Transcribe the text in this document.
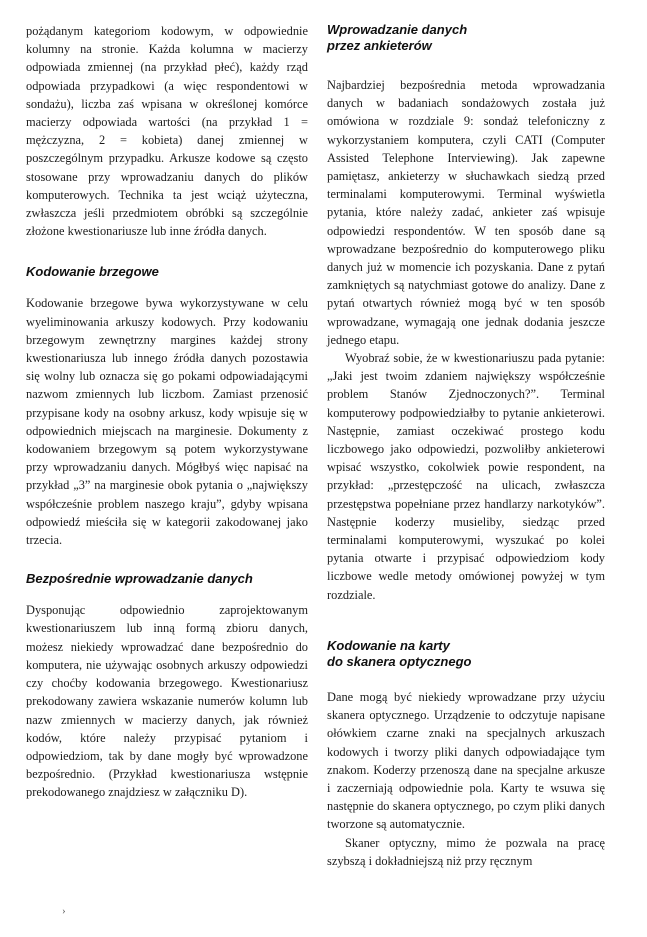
pożądanym kategoriom kodowym, w odpowiednie kolumny na stronie. Każda kolumna w macierzy odpowiada zmiennej (na przykład płeć), każdy rząd odpowiada przypadkowi (a więc respondentowi w sondażu), liczba zaś wpisana w określonej komórce macierzy odpowiada wartości (na przykład 1 = mężczyzna, 2 = kobieta) danej zmiennej w poszczególnym przypadku. Arkusze kodowe są często stosowane przy wprowadzaniu danych do plików komputerowych. Technika ta jest wciąż użyteczna, zwłaszcza jeśli przedmiotem obróbki są szczególnie złożone kwestionariusze lub inne źródła danych.

Kodowanie brzegowe

Kodowanie brzegowe bywa wykorzystywane w celu wyeliminowania arkuszy kodowych. Przy kodowaniu brzegowym zewnętrzny margines każdej strony kwestionariusza lub innego źródła danych pozostawia się wolny lub oznacza się go pokami odpowiadającymi nazwom zmiennych lub liczbom. Zamiast przenosić przypisane kody na osobny arkusz, kody wpisuje się w odpowiednich miejscach na marginesie. Dokumenty z kodowaniem brzegowym są potem wykorzystywane przy wprowadzaniu danych. Mógłbyś więc napisać na przykład „3” na marginesie obok pytania o „największy współcześnie problem naszego kraju”, gdyby wpisana odpowiedź mieściła się w kategorii zakodowanej jako trzecia.

Bezpośrednie wprowadzanie danych

Dysponując odpowiednio zaprojektowanym kwestionariuszem lub inną formą zbioru danych, możesz niekiedy wprowadzać dane bezpośrednio do komputera, nie używając osobnych arkuszy odpowiedzi czy choćby kodowania brzegowego. Kwestionariusz prekodowany zawiera wskazanie numerów kolumn lub nazw zmiennych w macierzy danych, jak również kodów, które należy przypisać pytaniom i odpowiedziom, tak by dane mogły być wprowadzone bezpośrednio. (Przykład kwestionariusza wstępnie prekodowanego znajdziesz w załączniku D).

Wprowadzanie danych
przez ankieterów

Najbardziej bezpośrednia metoda wprowadzania danych w badaniach sondażowych została już omówiona w rozdziale 9: sondaż telefoniczny z wykorzystaniem komputera, czyli CATI (Computer Assisted Telephone Interviewing). Jak zapewne pamiętasz, ankieterzy w słuchawkach siedzą przed terminalami komputerowymi. Terminal wyświetla pytania, które należy zadać, ankieter zaś wpisuje odpowiedzi respondentów. W ten sposób dane są wprowadzane bezpośrednio do komputerowego pliku danych już w momencie ich pozyskania. Dane z pytań zamkniętych są natychmiast gotowe do analizy. Dane z pytań otwartych również mogą być w ten sposób wprowadzane, wymagają one jednak dodania jeszcze jednego etapu.

Wyobraź sobie, że w kwestionariuszu pada pytanie: „Jaki jest twoim zdaniem największy współcześnie problem Stanów Zjednoczonych?”. Terminal komputerowy podpowiedziałby to pytanie ankieterowi. Następnie, zamiast oczekiwać prostego kodu liczbowego jako odpowiedzi, pozwoliłby ankieterowi wpisać wszystko, cokolwiek powie respondent, na przykład: „przestępczość na ulicach, zwłaszcza przestępstwa popełniane przez handlarzy narkotyków”. Następnie koderzy musieliby, siedząc przed terminalami komputerowymi, wyszukać po kolei pytania otwarte i przypisać odpowiedziom kody liczbowe wedle metody omówionej powyżej w tym rozdziale.

Kodowanie na karty
do skanera optycznego

Dane mogą być niekiedy wprowadzane przy użyciu skanera optycznego. Urządzenie to odczytuje napisane ołówkiem czarne znaki na specjalnych arkuszach kodowych i tworzy pliki danych odpowiadające tym znakom. Koderzy przenoszą dane na specjalne arkusze i zaczerniają odpowiednie pola. Karty te wsuwa się następnie do skanera optycznego, po czym pliki danych tworzone są automatycznie.

Skaner optyczny, mimo że pozwala na pracę szybszą i dokładniejszą niż przy ręcznym

›
